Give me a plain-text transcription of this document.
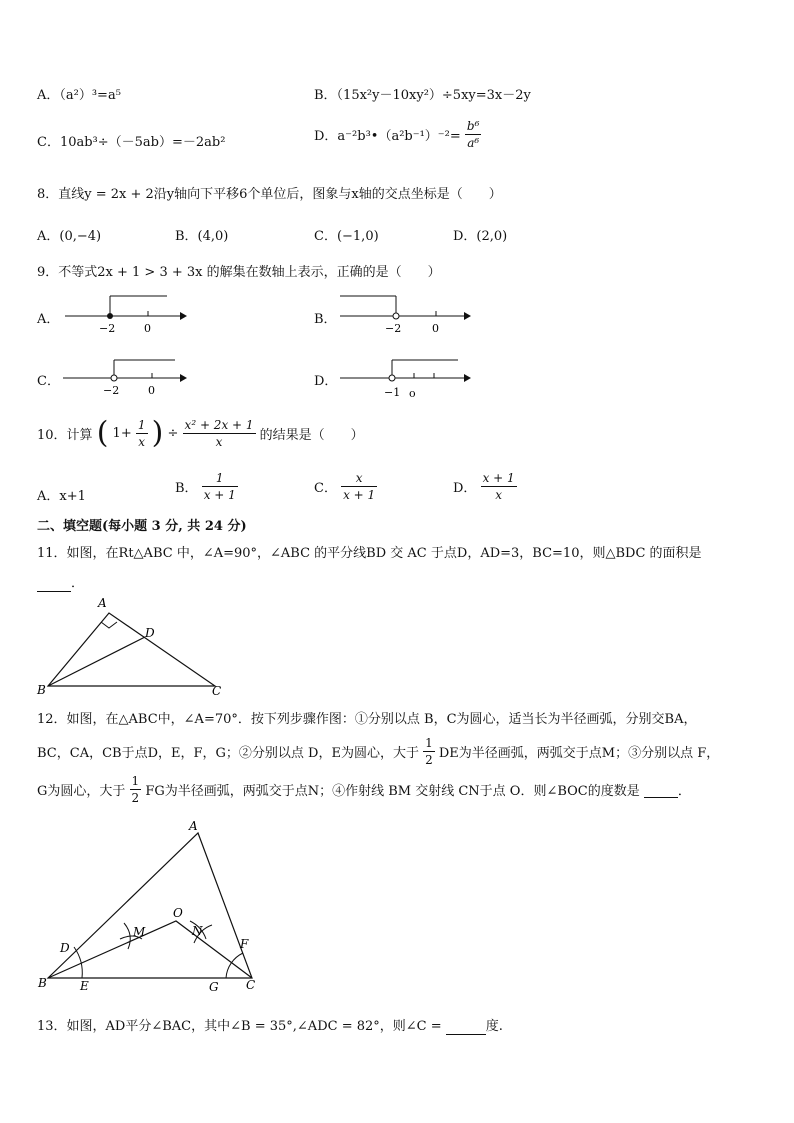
A．（a²）³=a⁵	B．（15x²y－10xy²）÷5xy=3x－2y
C．10ab³÷（－5ab）=－2ab²	D．a⁻²b³•（a²b⁻¹）⁻²= $\frac{\text{b⁶}}{\text{a⁶}}$
8．直线y = 2x + 2沿y轴向下平移6个单位后，图象与x轴的交点坐标是（　　）
A．(0,−4)	B．(4,0)	C．(−1,0)	D．(2,0)
9．不等式2x + 1 > 3 + 3x 的解集在数轴上表示，正确的是（　　）
A．
−2	0
B．
−2	0
C．
−2	0
D．
−1 o
10．计算 ( $1+ \frac{1}{x}$ ) ÷ $\frac{\text{x² + 2x + 1}}{x}$ 的结果是（　　）
A．x+1
B． $\frac{1}{x + 1}$	C． $\frac{x}{x + 1}$	D． $\frac{x + 1}{x}$
二、填空题(每小题 3 分, 共 24 分)
11．如图，在Rt△ABC 中，∠A=90°，∠ABC 的平分线BD 交 AC 于点D，AD=3，BC=10，则△BDC 的面积是
．
A
B	C
D
12．如图，在△ABC中，∠A=70°．按下列步骤作图：①分别以点 B，C为圆心，适当长为半径画弧，分别交BA，
BC，CA，CB于点D，E，F，G；②分别以点 D，E为圆心，大于 $\frac{1}{2}$ DE为半径画弧，两弧交于点M；③分别以点 F，
G为圆心，大于 $\frac{1}{2}$ FG为半径画弧，两弧交于点N；④作射线 BM 交射线 CN于点 O．则∠BOC的度数是	．
A
B	C
D
E
F
G
M	N
O
13．如图，AD平分∠BAC，其中∠B = 35°,∠ADC = 82°，则∠C =	度.
